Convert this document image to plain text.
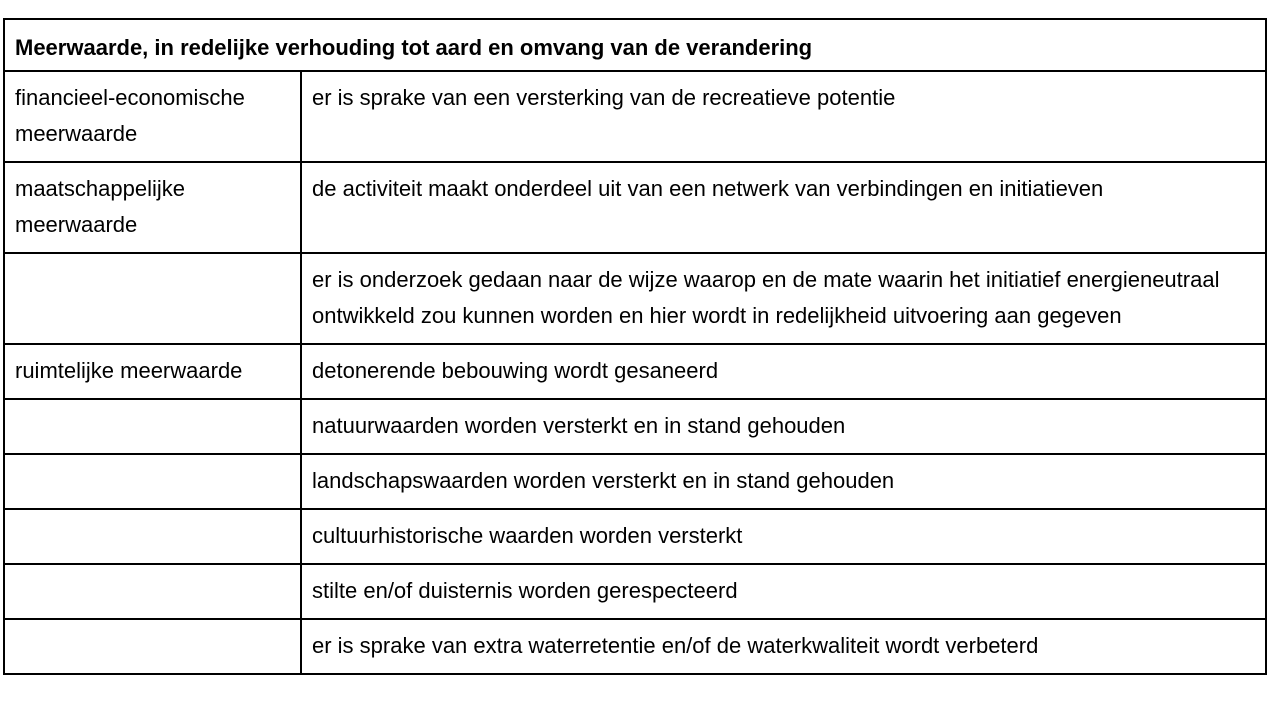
Meerwaarde, in redelijke verhouding tot aard en omvang van de verandering	
financieel-economische meerwaarde	er is sprake van een versterking van de recreatieve potentie
maatschappelijke meerwaarde	de activiteit maakt onderdeel uit van een netwerk van verbindingen en initiatieven
	er is onderzoek gedaan naar de wijze waarop en de mate waarin het initiatief energieneutraal ontwikkeld zou kunnen worden en hier wordt in redelijkheid uitvoering aan gegeven
ruimtelijke meerwaarde	detonerende bebouwing wordt gesaneerd
	natuurwaarden worden versterkt en in stand gehouden
	landschapswaarden worden versterkt en in stand gehouden
	cultuurhistorische waarden worden versterkt
	stilte en/of duisternis worden gerespecteerd
	er is sprake van extra waterretentie en/of de waterkwaliteit wordt verbeterd
